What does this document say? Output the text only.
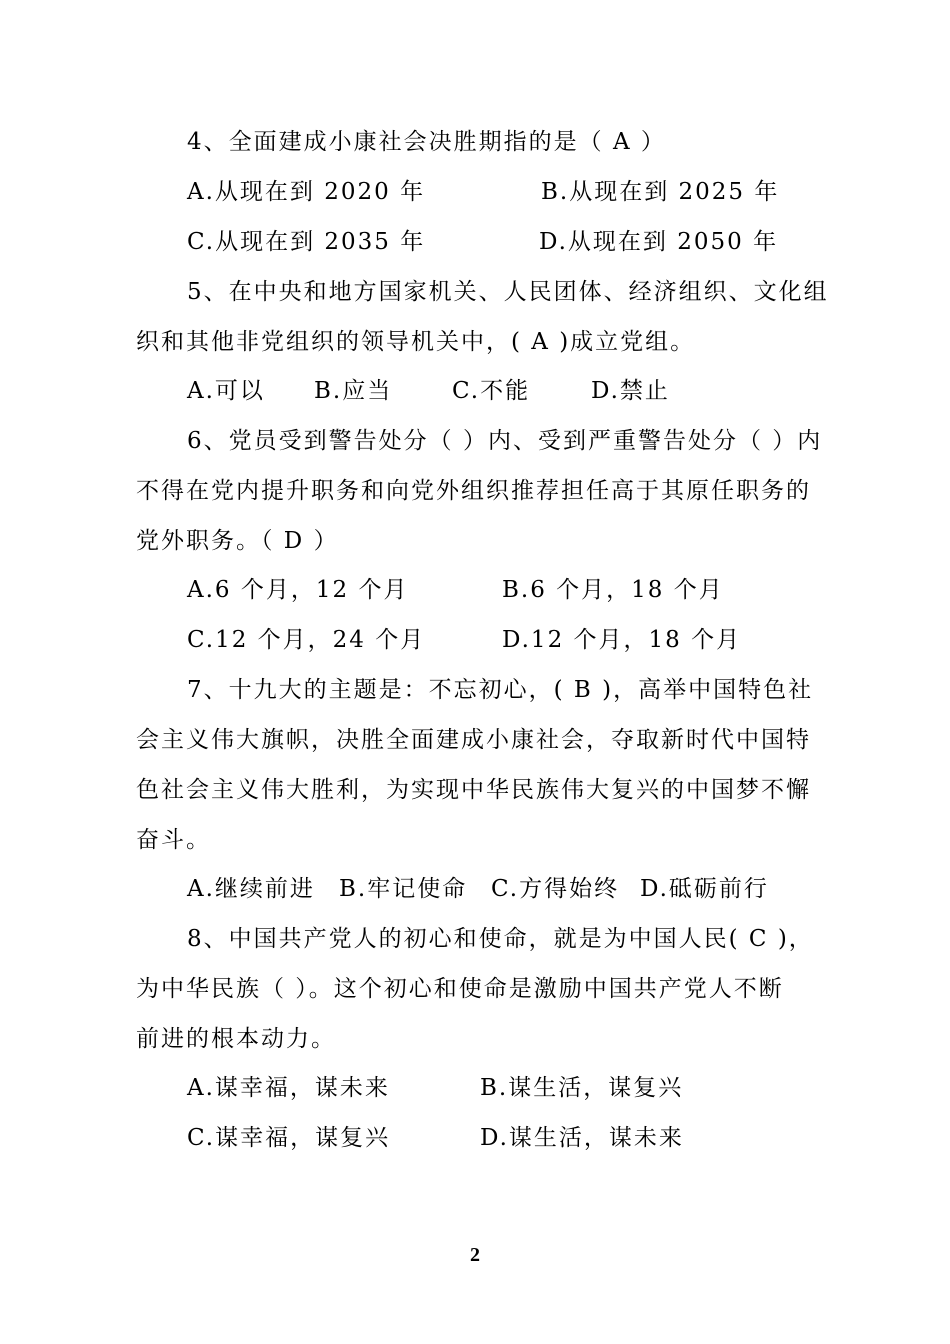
4、全面建成小康社会决胜期指的是（ A ）
A.从现在到 2020 年	B.从现在到 2025 年
C.从现在到 2035 年	D.从现在到 2050 年
5、在中央和地方国家机关、人民团体、经济组织、文化组
织和其他非党组织的领导机关中，( A )成立党组。
A.可以 B.应当	C.不能	D.禁止
6、党员受到警告处分（ ）内、受到严重警告处分（ ）内
不得在党内提升职务和向党外组织推荐担任高于其原任职务的
党外职务。（ D ）
A.6 个月，12 个月	B.6 个月，18 个月
C.12 个月，24 个月	D.12 个月，18 个月
7、十九大的主题是：不忘初心，( B )，高举中国特色社
会主义伟大旗帜，决胜全面建成小康社会，夺取新时代中国特
色社会主义伟大胜利，为实现中华民族伟大复兴的中国梦不懈
奋斗。
A.继续前进 B.牢记使命 C.方得始终 D.砥砺前行
8、中国共产党人的初心和使命，就是为中国人民( C )，
为中华民族（ ）。这个初心和使命是激励中国共产党人不断
前进的根本动力。
A.谋幸福，谋未来	B.谋生活，谋复兴
C.谋幸福，谋复兴	D.谋生活，谋未来
2
